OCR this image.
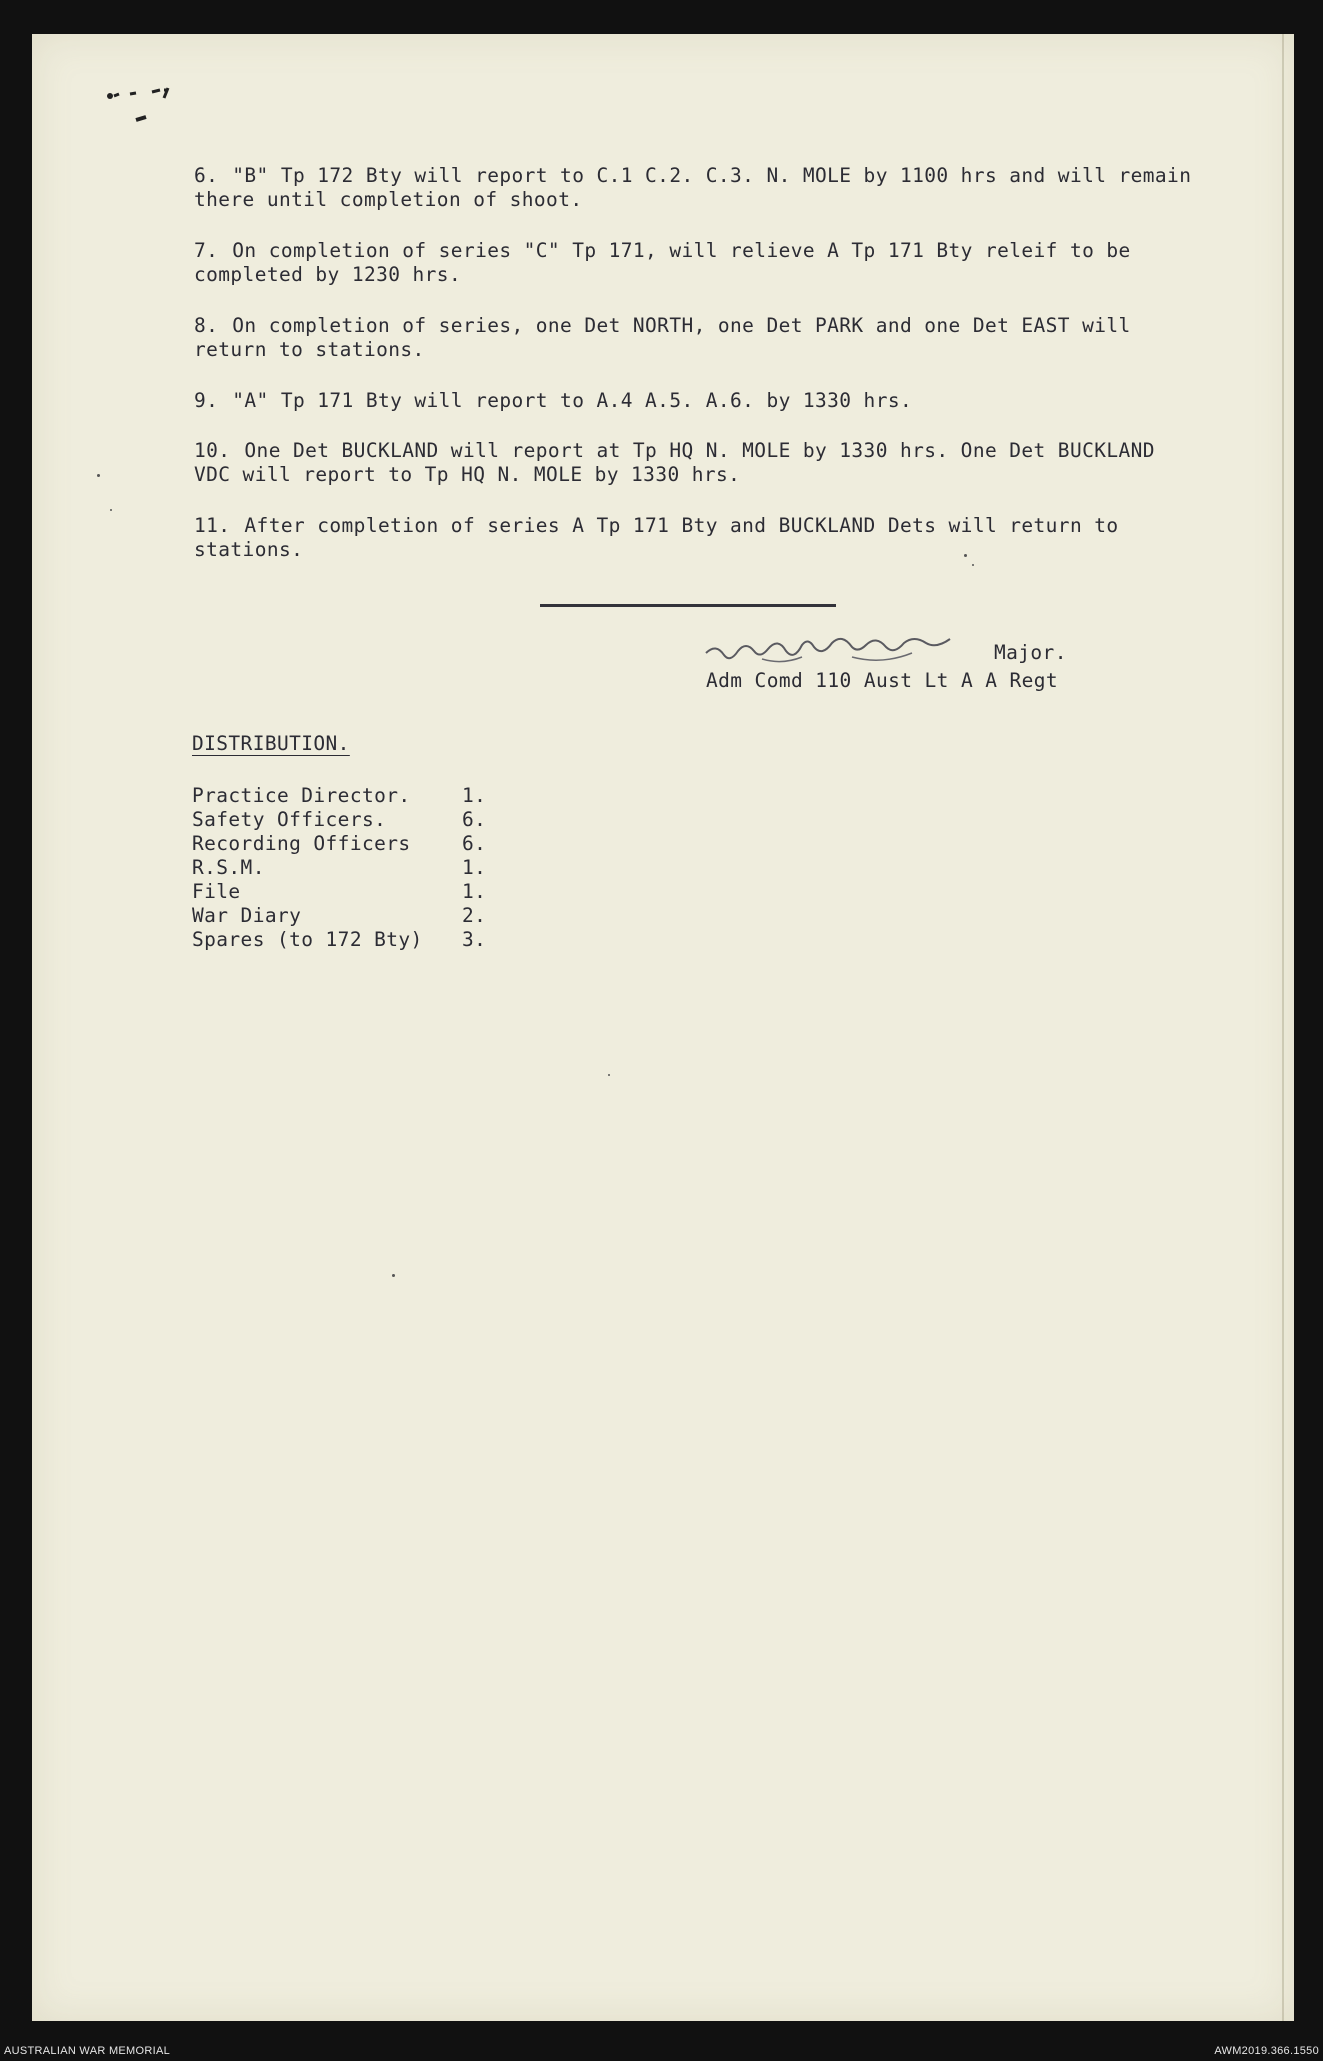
6. "B" Tp 172 Bty will report to C.1 C.2. C.3. N. MOLE by 1100 hrs and will remain there until completion of shoot.

7. On completion of series "C" Tp 171, will relieve A Tp 171 Bty releif to be completed by 1230 hrs.

8. On completion of series, one Det NORTH, one Det PARK and one Det EAST will return to stations.

9. "A" Tp 171 Bty will report to A.4 A.5. A.6. by 1330 hrs.

10. One Det BUCKLAND will report at Tp HQ N. MOLE by 1330 hrs. One Det BUCKLAND VDC will report to Tp HQ N. MOLE by 1330 hrs.

11. After completion of series A Tp 171 Bty and BUCKLAND Dets will return to stations.

Major.
Adm Comd 110 Aust Lt A A Regt
DISTRIBUTION.
Practice Director.	1.
Safety Officers.	6.
Recording Officers	6.
R.S.M.	1.
File	1.
War Diary	2.
Spares (to 172 Bty)	3.
AUSTRALIAN WAR MEMORIAL	AWM2019.366.1550
